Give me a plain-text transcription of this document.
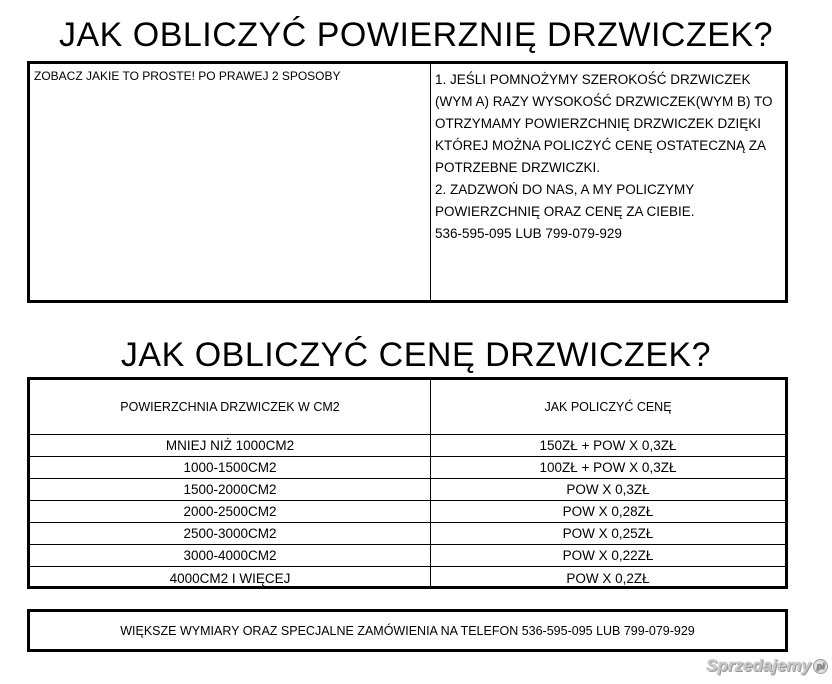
JAK OBLICZYĆ POWIERZNIĘ DRZWICZEK?
ZOBACZ JAKIE TO PROSTE! PO PRAWEJ 2 SPOSOBY	1. JEŚLI POMNOŻYMY SZEROKOŚĆ DRZWICZEK
(WYM A) RAZY WYSOKOŚĆ DRZWICZEK(WYM B) TO
OTRZYMAMY POWIERZCHNIĘ DRZWICZEK DZIĘKI
KTÓREJ MOŻNA POLICZYĆ CENĘ OSTATECZNĄ ZA
POTRZEBNE DRZWICZKI.
2. ZADZWOŃ DO NAS, A MY POLICZYMY
POWIERZCHNIĘ ORAZ CENĘ ZA CIEBIE.
536-595-095 LUB 799-079-929
JAK OBLICZYĆ CENĘ DRZWICZEK?
POWIERZCHNIA DRZWICZEK W CM2	JAK POLICZYĆ CENĘ
MNIEJ NIŻ 1000CM2	150ZŁ + POW X 0,3ZŁ
1000-1500CM2	100ZŁ + POW X 0,3ZŁ
1500-2000CM2	POW X 0,3ZŁ
2000-2500CM2	POW X 0,28ZŁ
2500-3000CM2	POW X 0,25ZŁ
3000-4000CM2	POW X 0,22ZŁ
4000CM2 I WIĘCEJ	POW X 0,2ZŁ
WIĘKSZE WYMIARY ORAZ SPECJALNE ZAMÓWIENIA NA TELEFON 536-595-095 LUB 799-079-929
Sprzedajemy pl
